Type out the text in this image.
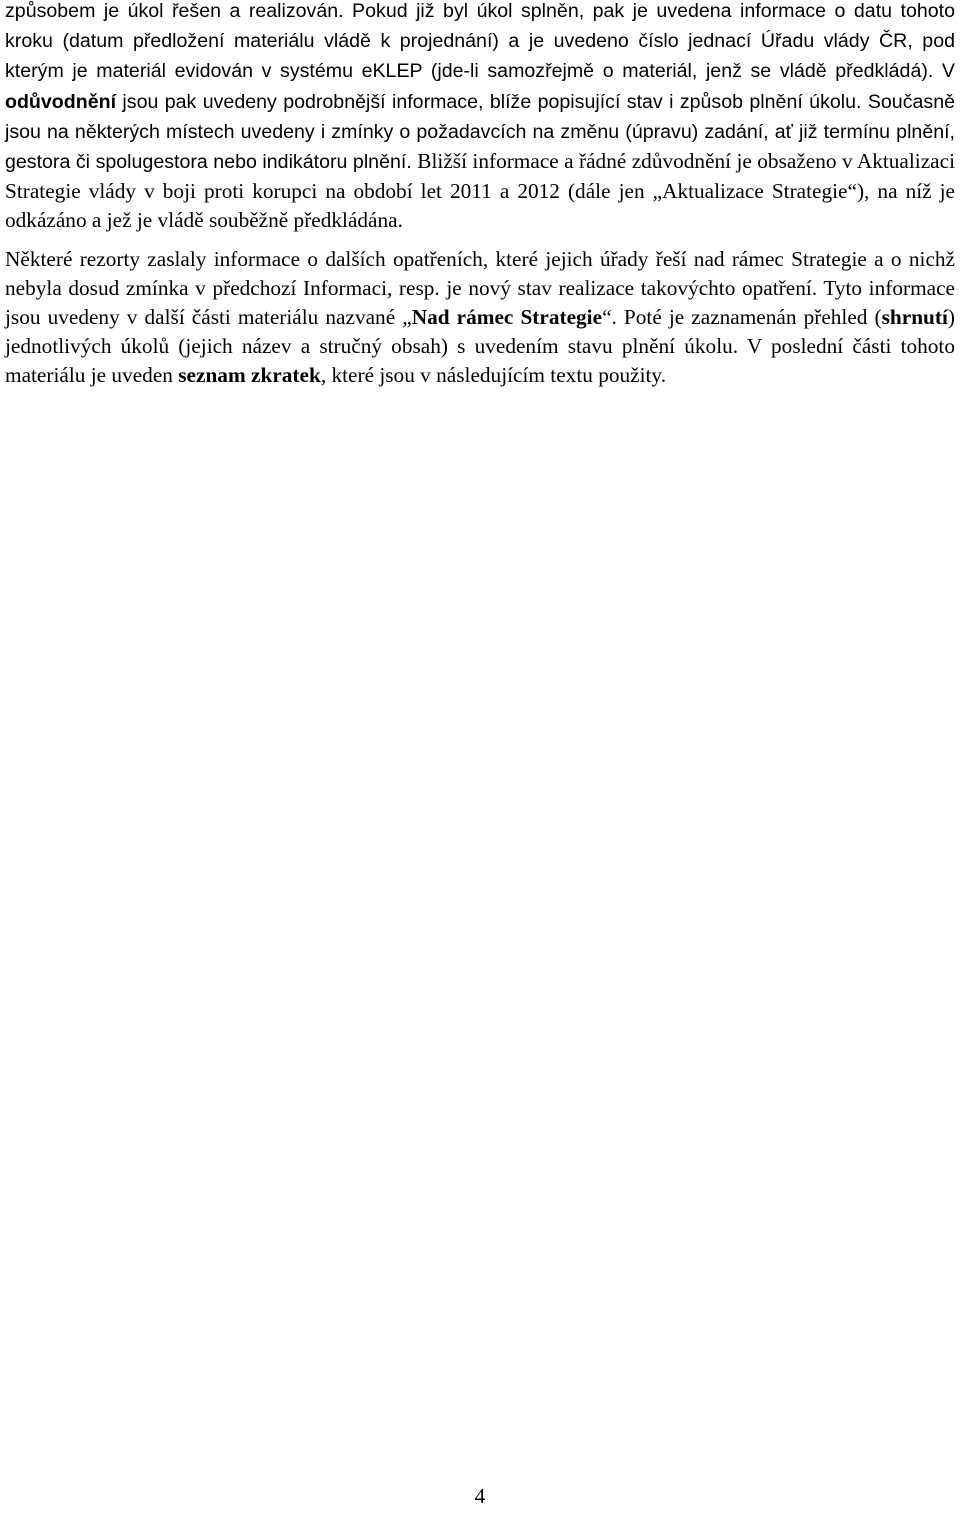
způsobem je úkol řešen a realizován. Pokud již byl úkol splněn, pak je uvedena informace o datu tohoto kroku (datum předložení materiálu vládě k projednání) a je uvedeno číslo jednací Úřadu vlády ČR, pod kterým je materiál evidován v systému eKLEP (jde-li samozřejmě o materiál, jenž se vládě předkládá). V odůvodnění jsou pak uvedeny podrobnější informace, blíže popisující stav i způsob plnění úkolu. Současně jsou na některých místech uvedeny i zmínky o požadavcích na změnu (úpravu) zadání, ať již termínu plnění, gestora či spolugestora nebo indikátoru plnění. Bližší informace a řádné zdůvodnění je obsaženo v Aktualizaci Strategie vlády v boji proti korupci na období let 2011 a 2012 (dále jen „Aktualizace Strategie“), na níž je odkázáno a jež je vládě souběžně předkládána.

Některé rezorty zaslaly informace o dalších opatřeních, které jejich úřady řeší nad rámec Strategie a o nichž nebyla dosud zmínka v předchozí Informaci, resp. je nový stav realizace takovýchto opatření. Tyto informace jsou uvedeny v další části materiálu nazvané „Nad rámec Strategie“. Poté je zaznamenán přehled (shrnutí) jednotlivých úkolů (jejich název a stručný obsah) s uvedením stavu plnění úkolu. V poslední části tohoto materiálu je uveden seznam zkratek, které jsou v následujícím textu použity.

4
